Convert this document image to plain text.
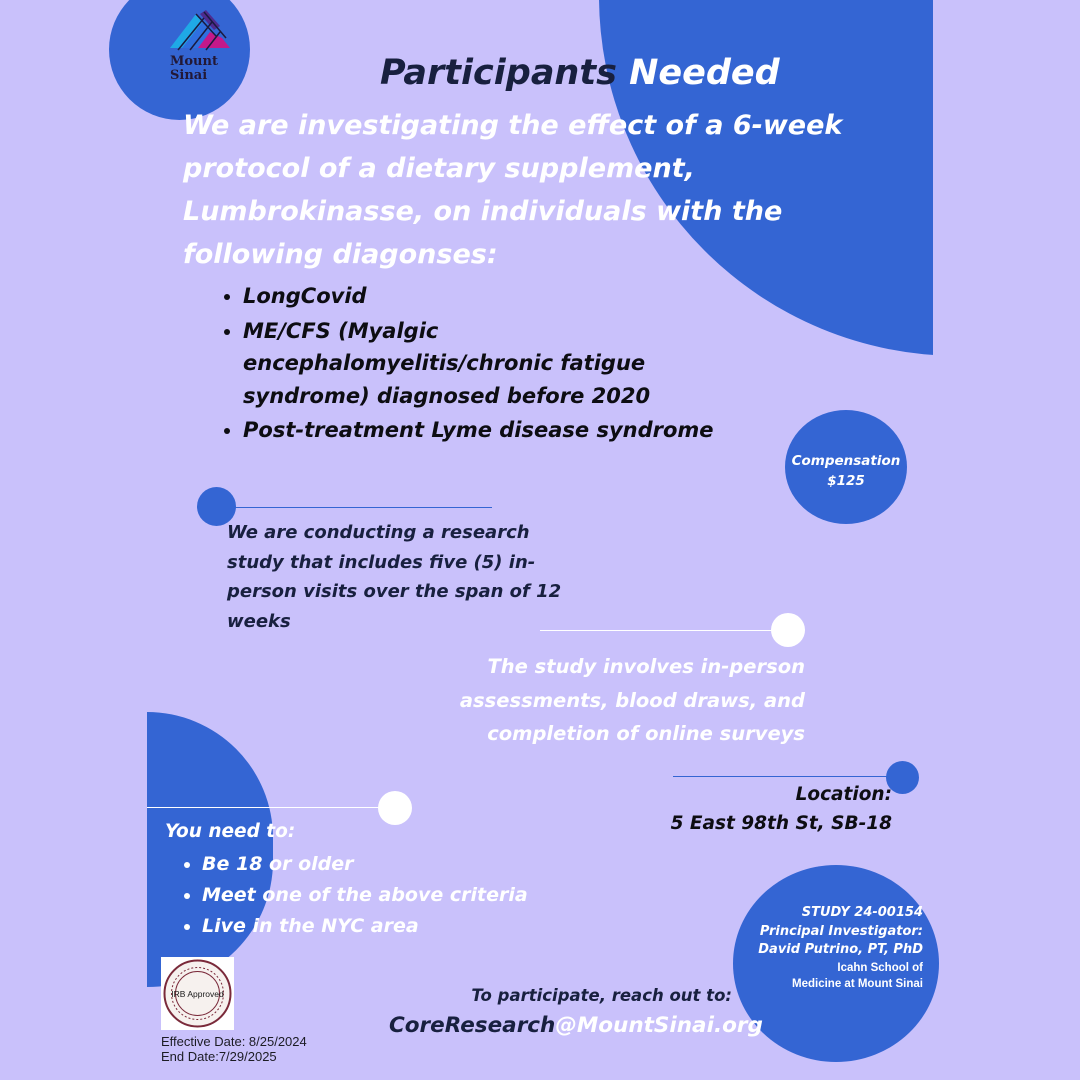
Mount
Sinai	Participants Needed
We are investigating the effect of a 6-week protocol of a dietary supplement, Lumbrokinasse, on individuals with the following diagonses:
• LongCovid
• ME/CFS (Myalgic encephalomyelitis/chronic fatigue syndrome) diagnosed before 2020
• Post-treatment Lyme disease syndrome
Compensation
$125
We are conducting a research study that includes five (5) in-person visits over the span of 12 weeks
The study involves in-person assessments, blood draws, and completion of online surveys
Location:
5 East 98th St, SB-18
You need to:
• Be 18 or older
• Meet one of the above criteria
• Live in the NYC area
STUDY 24-00154
Principal Investigator:
David Putrino, PT, PhD
Icahn School of
Medicine at Mount Sinai
To participate, reach out to:
CoreResearch@MountSinai.org
IRB Approved
Effective Date: 8/25/2024
End Date:7/29/2025
